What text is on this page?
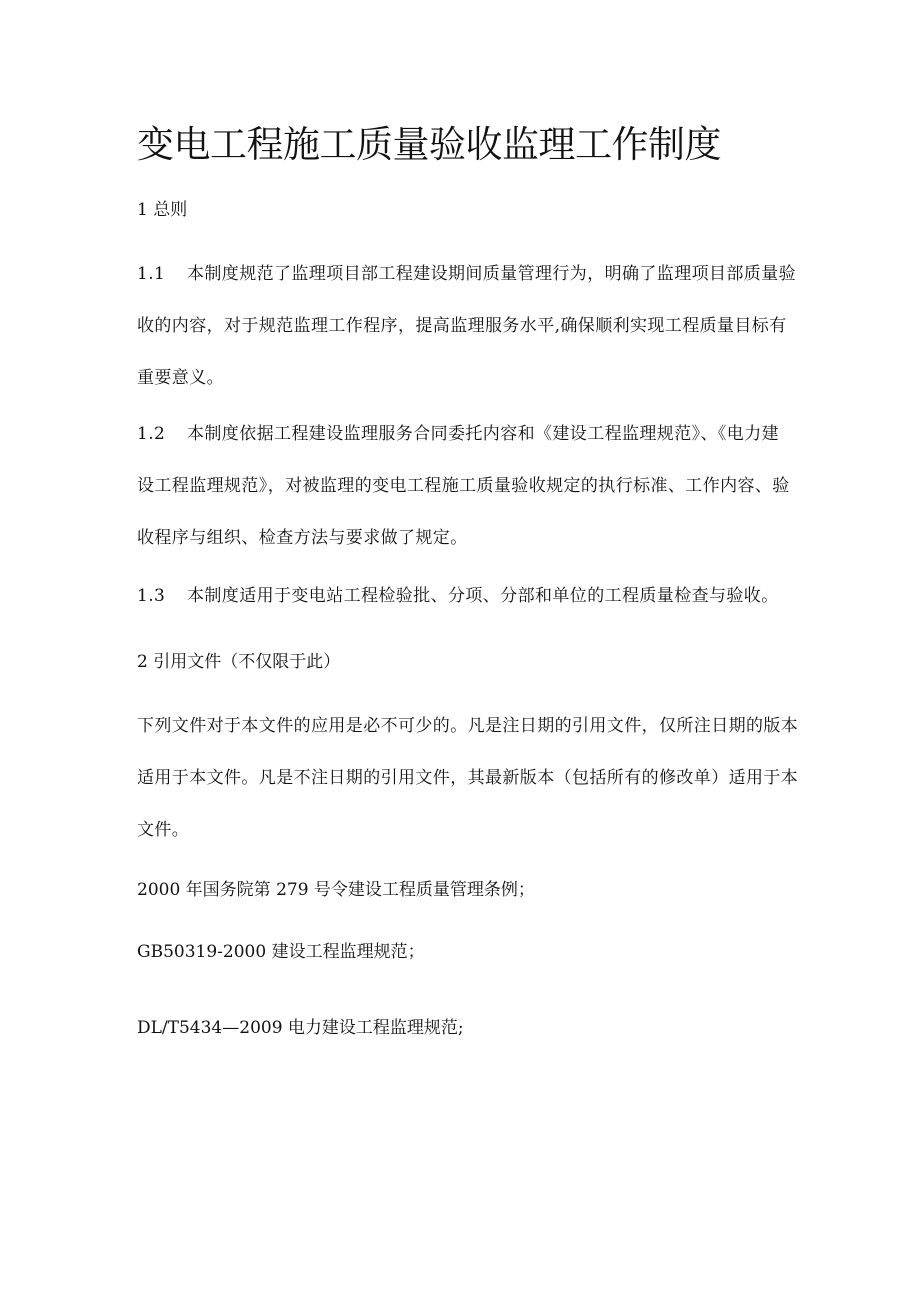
变电工程施工质量验收监理工作制度
1 总则
1.1 本制度规范了监理项目部工程建设期间质量管理行为，明确了监理项目部质量验
收的内容，对于规范监理工作程序，提高监理服务水平,确保顺利实现工程质量目标有
重要意义。
1.2 本制度依据工程建设监理服务合同委托内容和《建设工程监理规范》、《电力建
设工程监理规范》，对被监理的变电工程施工质量验收规定的执行标准、工作内容、验
收程序与组织、检查方法与要求做了规定。
1.3 本制度适用于变电站工程检验批、分项、分部和单位的工程质量检查与验收。
2 引用文件（不仅限于此）
下列文件对于本文件的应用是必不可少的。凡是注日期的引用文件，仅所注日期的版本
适用于本文件。凡是不注日期的引用文件，其最新版本（包括所有的修改单）适用于本
文件。
2000 年国务院第 279 号令建设工程质量管理条例；
GB50319-2000 建设工程监理规范；
DL/T5434—2009 电力建设工程监理规范;
